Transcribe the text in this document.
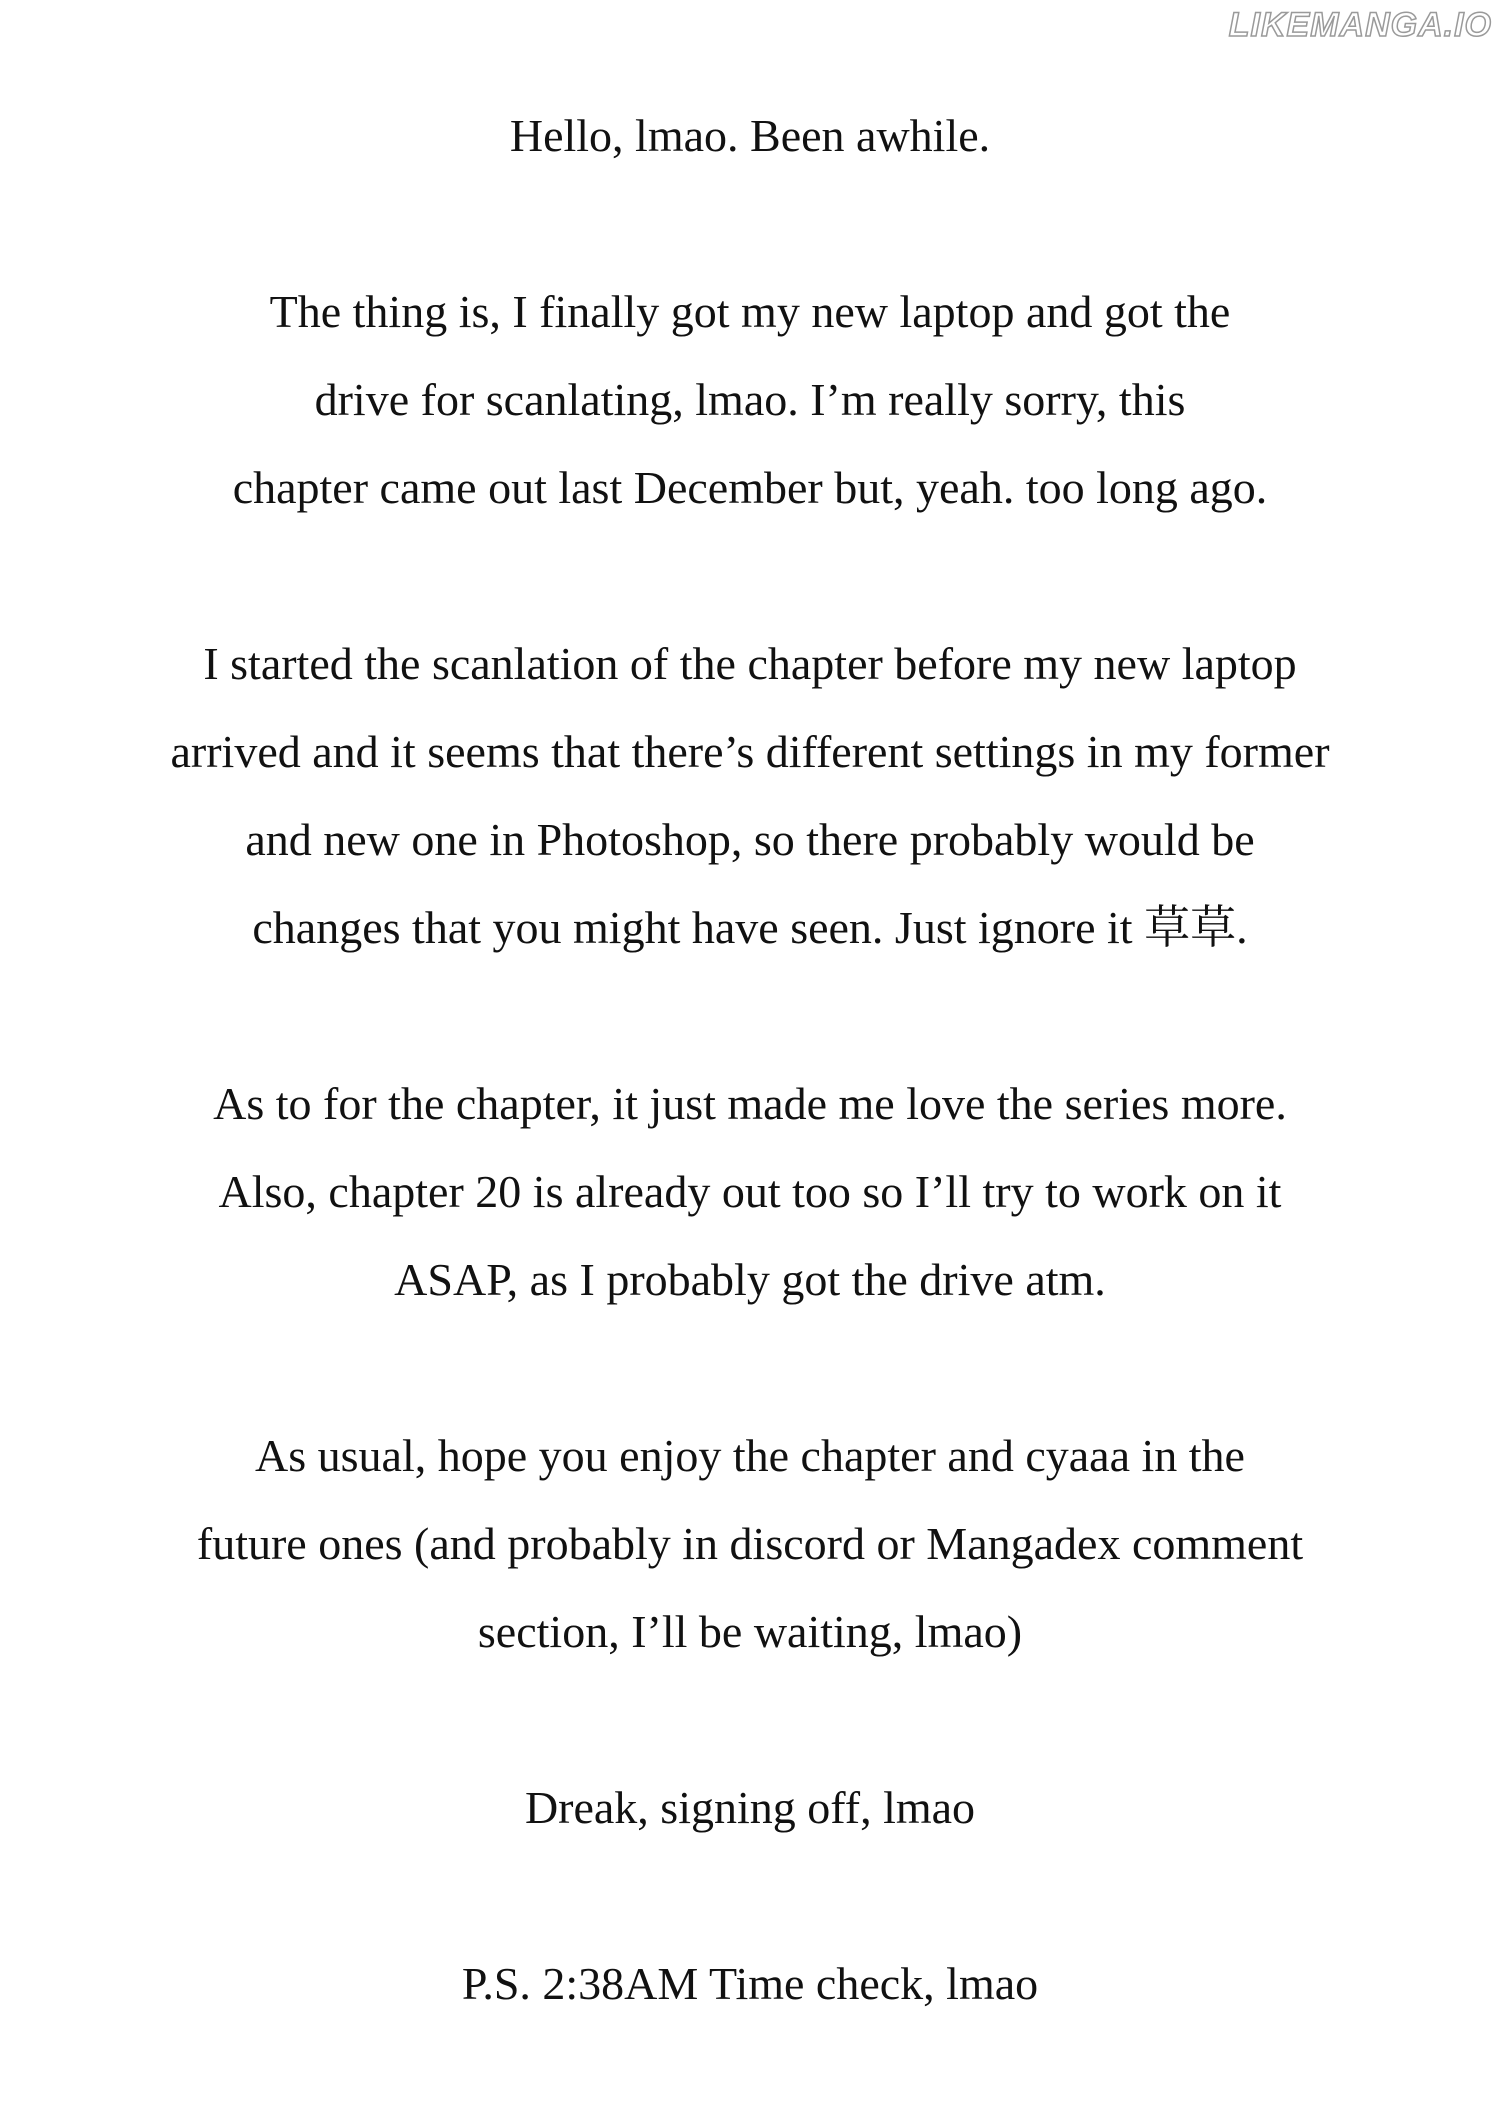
LIKEMANGA.IO
Hello, lmao. Been awhile.
The thing is, I finally got my new laptop and got the
drive for scanlating, lmao. I’m really sorry, this
chapter came out last December but, yeah. too long ago.
I started the scanlation of the chapter before my new laptop
arrived and it seems that there’s different settings in my former
and new one in Photoshop, so there probably would be
changes that you might have seen. Just ignore it 草草.
As to for the chapter, it just made me love the series more.
Also, chapter 20 is already out too so I’ll try to work on it
ASAP, as I probably got the drive atm.
As usual, hope you enjoy the chapter and cyaaa in the
future ones (and probably in discord or Mangadex comment
section, I’ll be waiting, lmao)
Dreak, signing off, lmao
P.S. 2:38AM Time check, lmao
